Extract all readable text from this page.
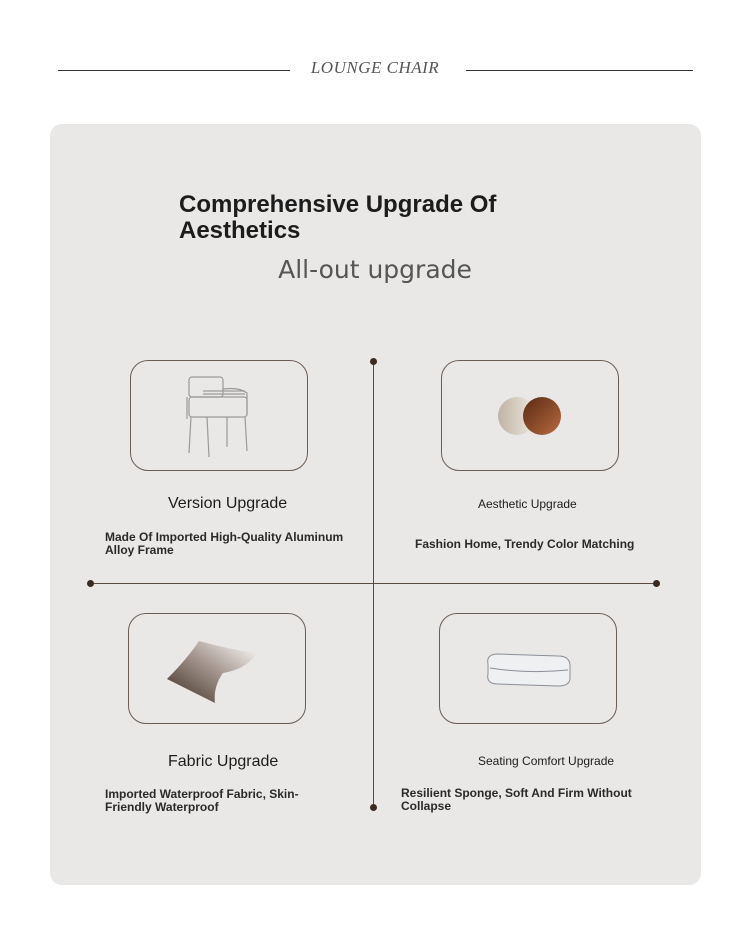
LOUNGE CHAIR
Comprehensive Upgrade Of Aesthetics
All-out upgrade
Version Upgrade
Made Of Imported High-Quality Aluminum Alloy Frame
Aesthetic Upgrade
Fashion Home, Trendy Color Matching
Fabric Upgrade
Imported Waterproof Fabric, Skin-Friendly Waterproof
Seating Comfort Upgrade
Resilient Sponge, Soft And Firm Without Collapse
